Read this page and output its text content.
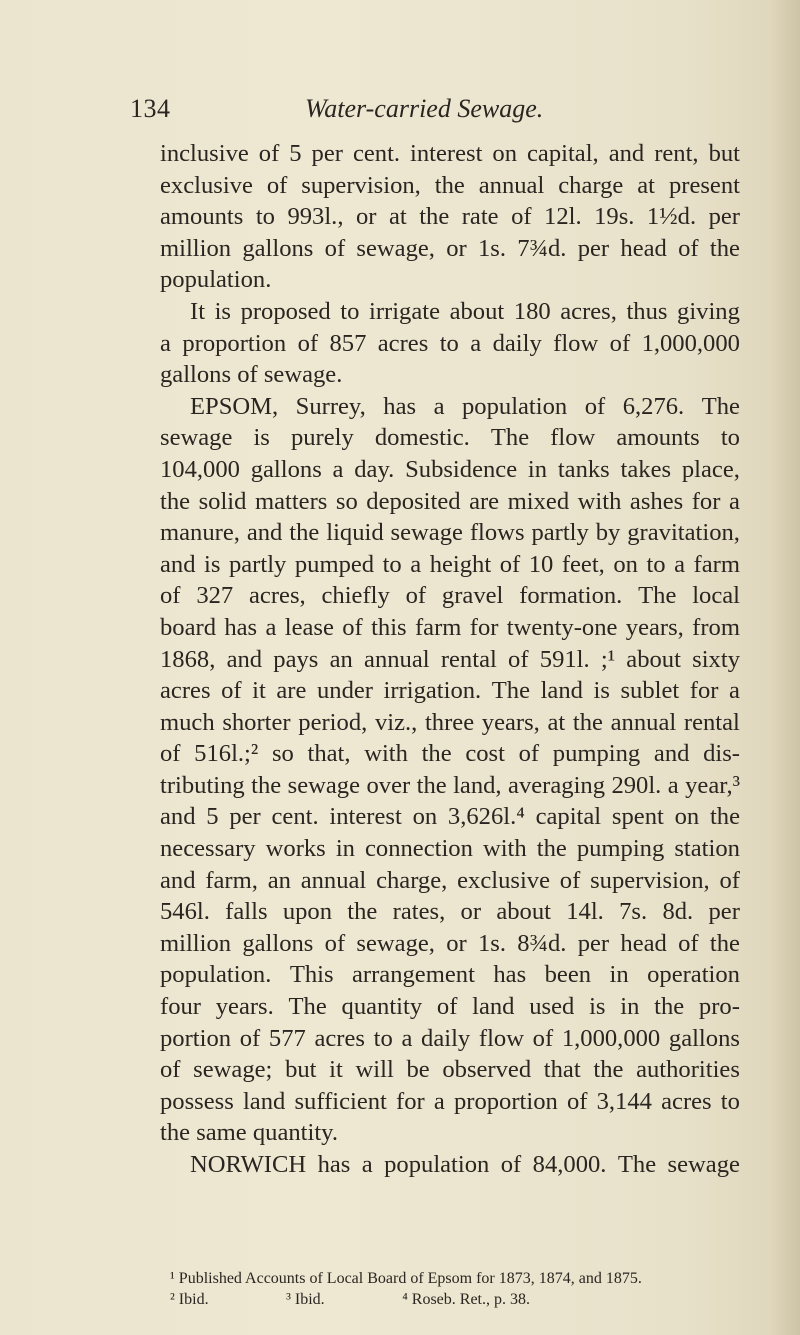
134	Water-carried Sewage.
inclusive of 5 per cent. interest on capital, and rent, but
exclusive of supervision, the annual charge at present
amounts to 993l., or at the rate of 12l. 19s. 1½d. per
million gallons of sewage, or 1s. 7¾d. per head of the
population.
It is proposed to irrigate about 180 acres, thus giving
a proportion of 857 acres to a daily flow of 1,000,000
gallons of sewage.
EPSOM, Surrey, has a population of 6,276. The
sewage is purely domestic. The flow amounts to
104,000 gallons a day. Subsidence in tanks takes place,
the solid matters so deposited are mixed with ashes for a
manure, and the liquid sewage flows partly by gravitation,
and is partly pumped to a height of 10 feet, on to a farm
of 327 acres, chiefly of gravel formation. The local
board has a lease of this farm for twenty-one years, from
1868, and pays an annual rental of 591l. ;¹ about sixty
acres of it are under irrigation. The land is sublet for a
much shorter period, viz., three years, at the annual rental
of 516l.;² so that, with the cost of pumping and dis-
tributing the sewage over the land, averaging 290l. a year,³
and 5 per cent. interest on 3,626l.⁴ capital spent on the
necessary works in connection with the pumping station
and farm, an annual charge, exclusive of supervision, of
546l. falls upon the rates, or about 14l. 7s. 8d. per
million gallons of sewage, or 1s. 8¾d. per head of the
population. This arrangement has been in operation
four years. The quantity of land used is in the pro-
portion of 577 acres to a daily flow of 1,000,000 gallons
of sewage; but it will be observed that the authorities
possess land sufficient for a proportion of 3,144 acres to
the same quantity.
NORWICH has a population of 84,000. The sewage
¹ Published Accounts of Local Board of Epsom for 1873, 1874, and 1875.
² Ibid.	³ Ibid.	⁴ Roseb. Ret., p. 38.
